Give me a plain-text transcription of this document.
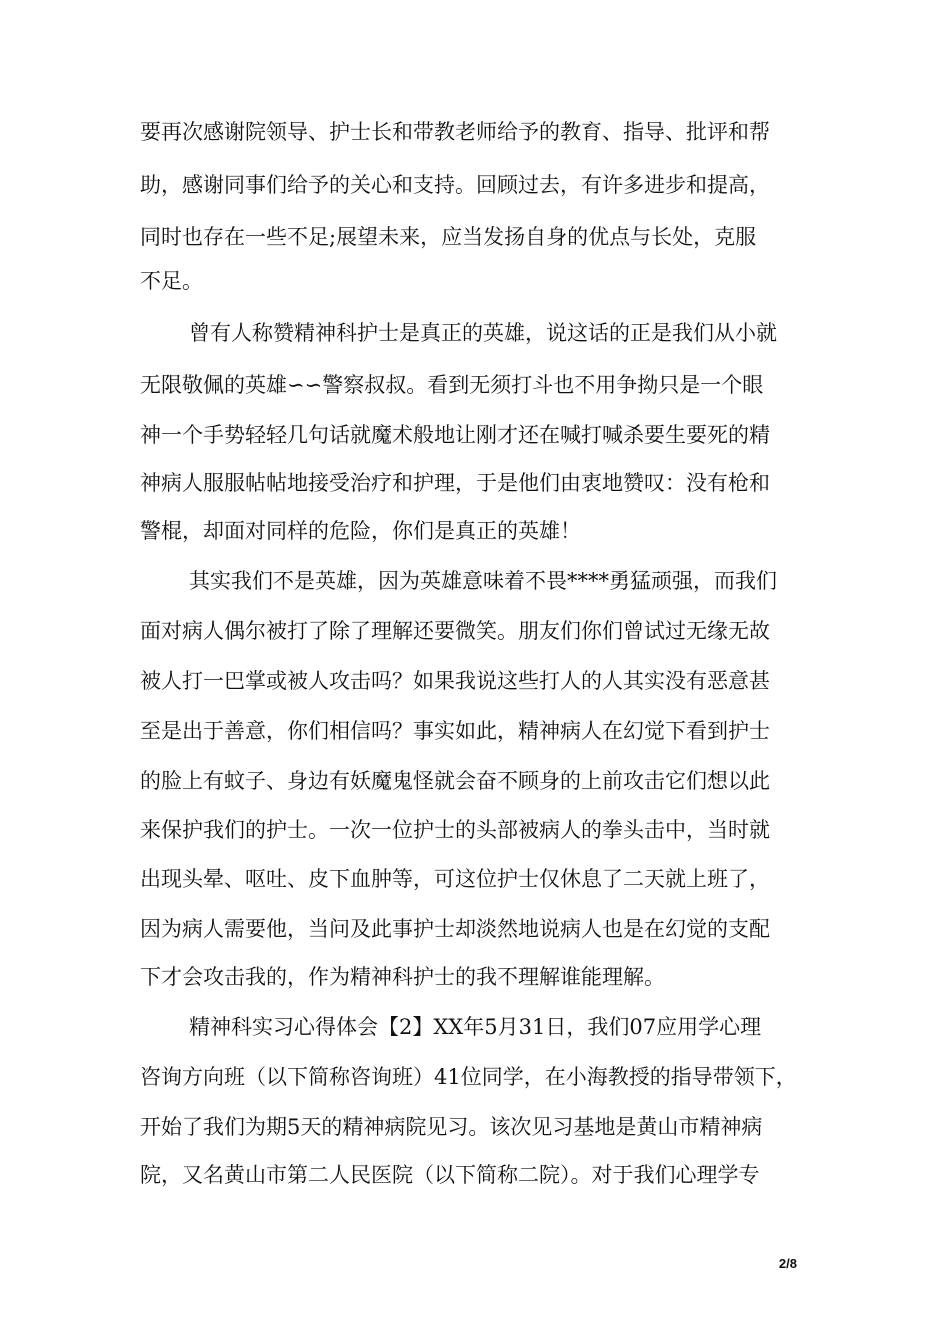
要再次感谢院领导、护士长和带教老师给予的教育、指导、批评和帮
助，感谢同事们给予的关心和支持。回顾过去，有许多进步和提高，
同时也存在一些不足;展望未来，应当发扬自身的优点与长处，克服
不足。
曾有人称赞精神科护士是真正的英雄，说这话的正是我们从小就
无限敬佩的英雄∽∽警察叔叔。看到无须打斗也不用争拗只是一个眼
神一个手势轻轻几句话就魔术般地让刚才还在喊打喊杀要生要死的精
神病人服服帖帖地接受治疗和护理，于是他们由衷地赞叹：没有枪和
警棍，却面对同样的危险，你们是真正的英雄！
其实我们不是英雄，因为英雄意味着不畏****勇猛顽强，而我们
面对病人偶尔被打了除了理解还要微笑。朋友们你们曾试过无缘无故
被人打一巴掌或被人攻击吗？如果我说这些打人的人其实没有恶意甚
至是出于善意，你们相信吗？事实如此，精神病人在幻觉下看到护士
的脸上有蚊子、身边有妖魔鬼怪就会奋不顾身的上前攻击它们想以此
来保护我们的护士。一次一位护士的头部被病人的拳头击中，当时就
出现头晕、呕吐、皮下血肿等，可这位护士仅休息了二天就上班了，
因为病人需要他，当问及此事护士却淡然地说病人也是在幻觉的支配
下才会攻击我的，作为精神科护士的我不理解谁能理解。
精神科实习心得体会【2】XX年5月31日，我们07应用学心理
咨询方向班（以下简称咨询班）41位同学，在小海教授的指导带领下，
开始了我们为期5天的精神病院见习。该次见习基地是黄山市精神病
院，又名黄山市第二人民医院（以下简称二院）。对于我们心理学专
2/8
